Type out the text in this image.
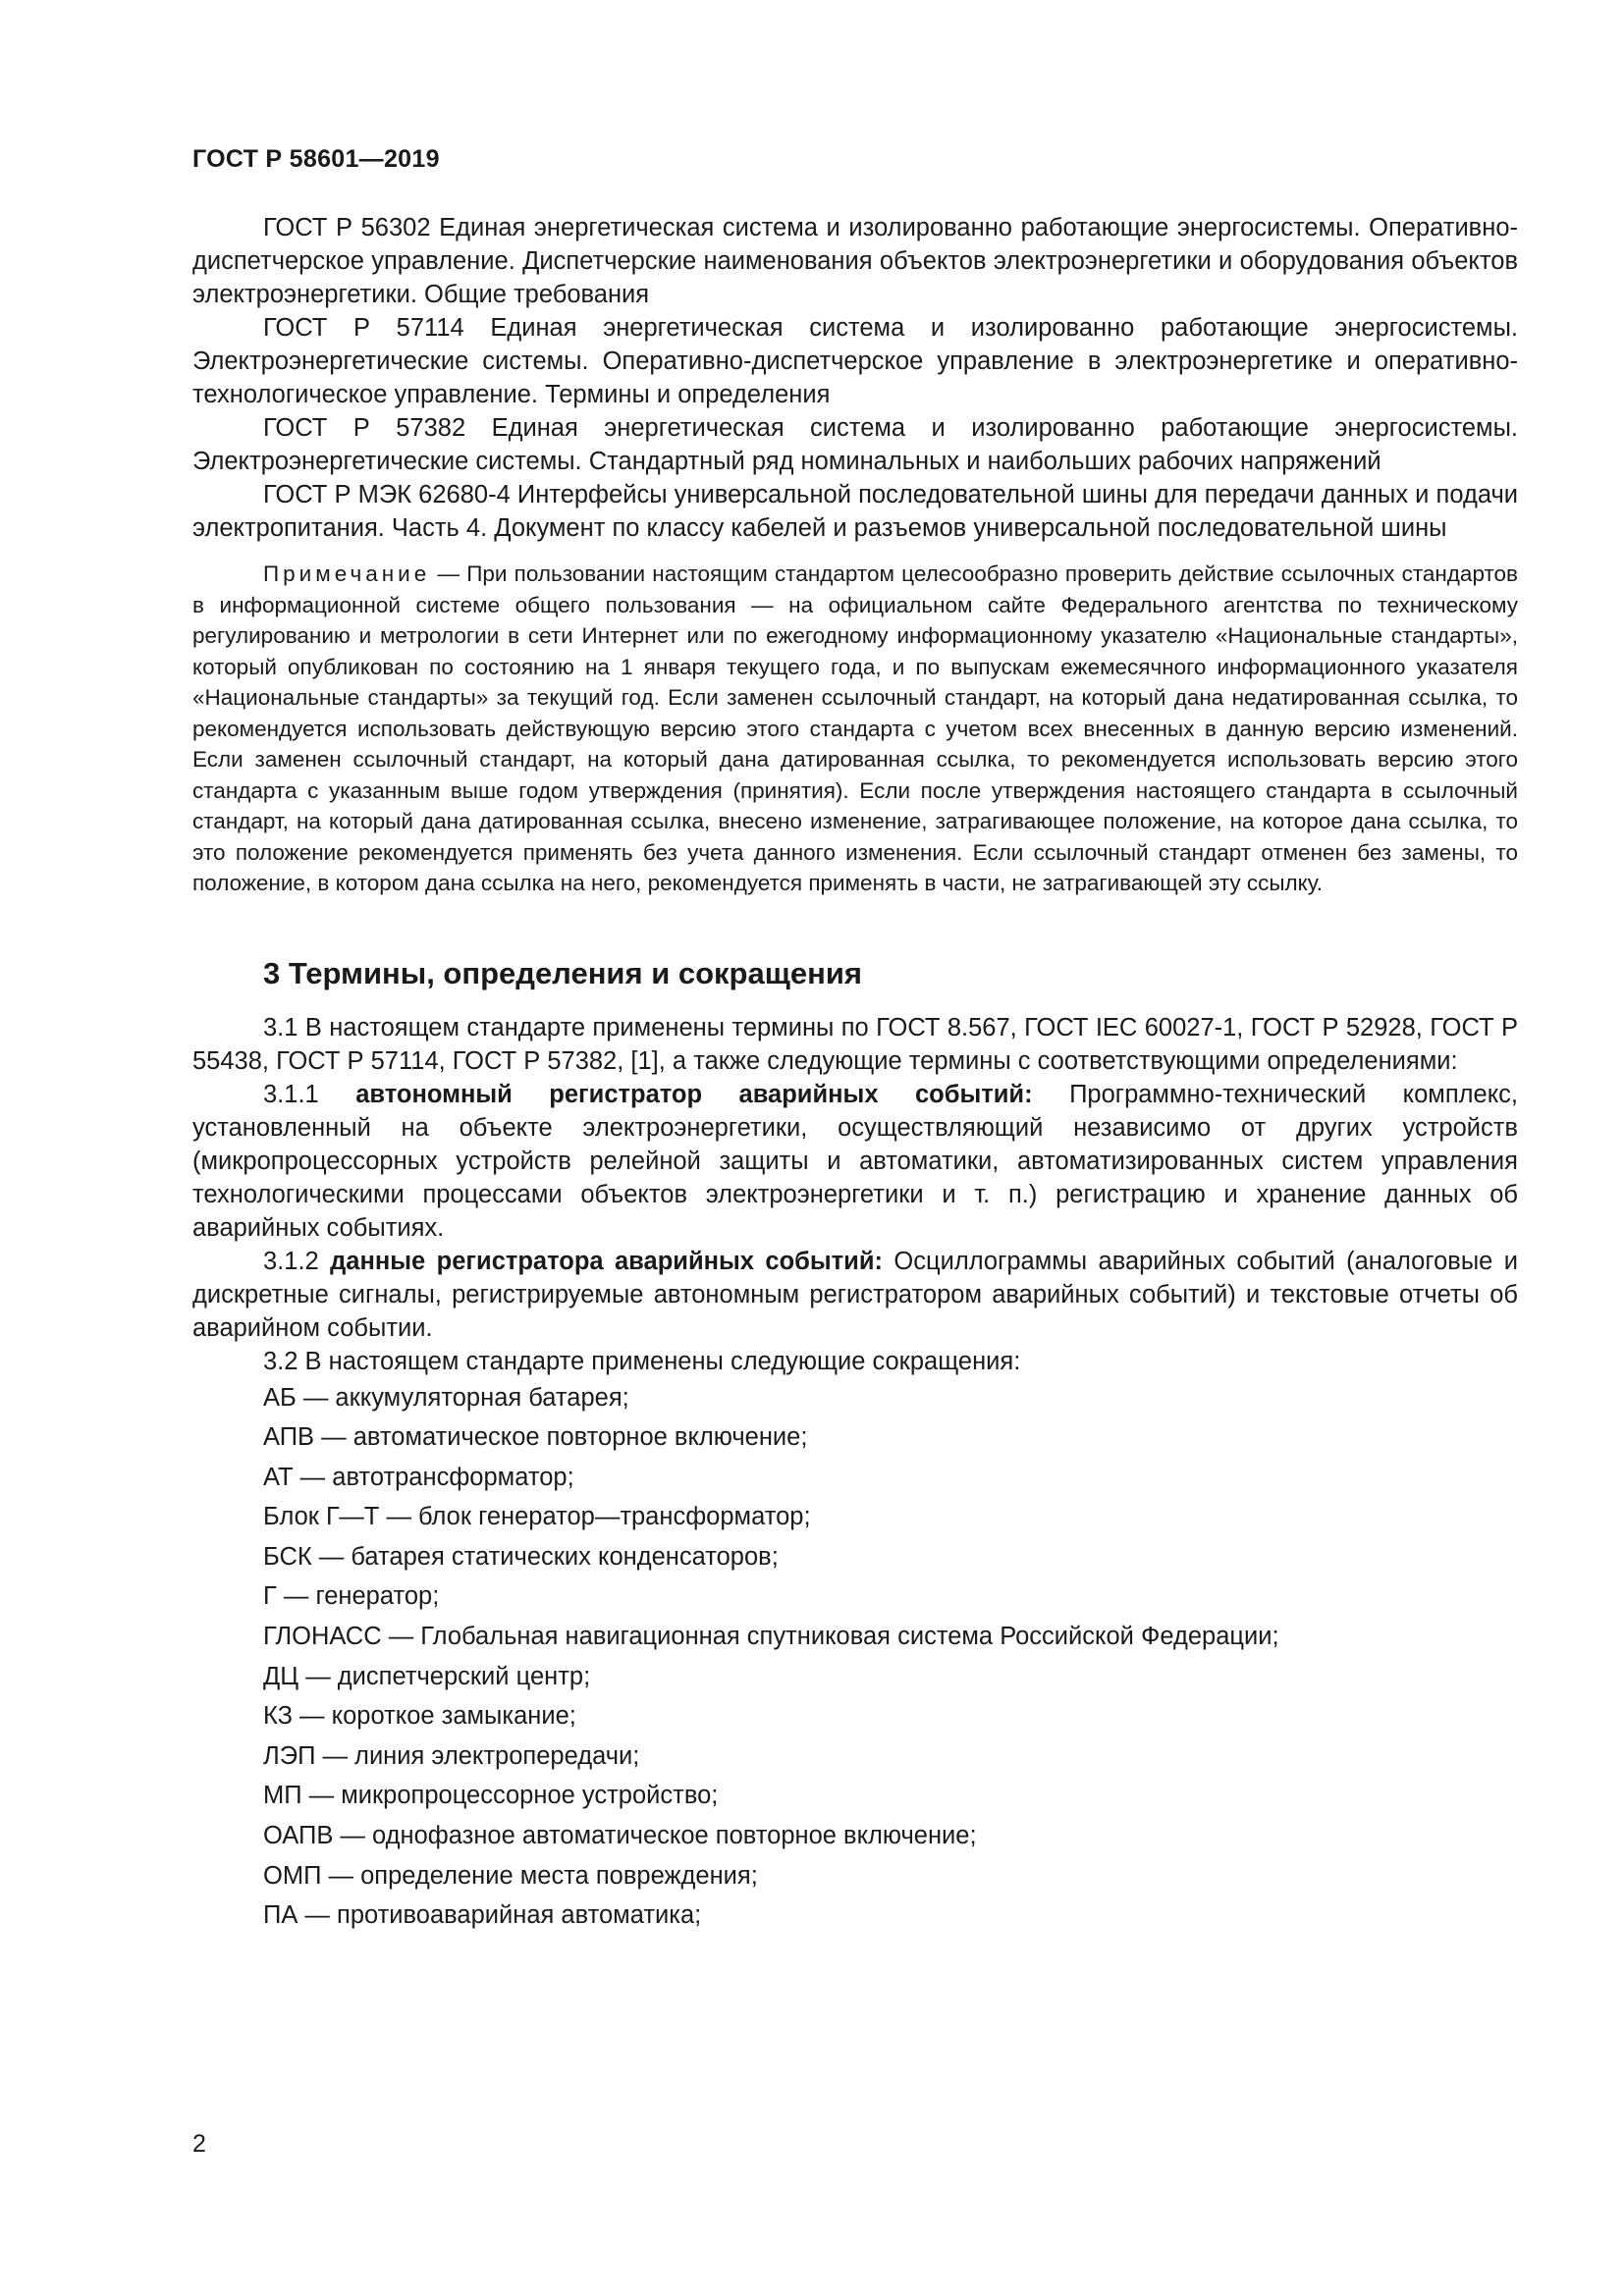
ГОСТ Р 58601—2019

ГОСТ Р 56302 Единая энергетическая система и изолированно работающие энергосистемы. Оперативно-диспетчерское управление. Диспетчерские наименования объектов электроэнергетики и оборудования объектов электроэнергетики. Общие требования

ГОСТ Р 57114 Единая энергетическая система и изолированно работающие энергосистемы. Электроэнергетические системы. Оперативно-диспетчерское управление в электроэнергетике и оперативно-технологическое управление. Термины и определения

ГОСТ Р 57382 Единая энергетическая система и изолированно работающие энергосистемы. Электроэнергетические системы. Стандартный ряд номинальных и наибольших рабочих напряжений

ГОСТ Р МЭК 62680-4 Интерфейсы универсальной последовательной шины для передачи данных и подачи электропитания. Часть 4. Документ по классу кабелей и разъемов универсальной последовательной шины

Примечание — При пользовании настоящим стандартом целесообразно проверить действие ссылочных стандартов в информационной системе общего пользования — на официальном сайте Федерального агентства по техническому регулированию и метрологии в сети Интернет или по ежегодному информационному указателю «Национальные стандарты», который опубликован по состоянию на 1 января текущего года, и по выпускам ежемесячного информационного указателя «Национальные стандарты» за текущий год. Если заменен ссылочный стандарт, на который дана недатированная ссылка, то рекомендуется использовать действующую версию этого стандарта с учетом всех внесенных в данную версию изменений. Если заменен ссылочный стандарт, на который дана датированная ссылка, то рекомендуется использовать версию этого стандарта с указанным выше годом утверждения (принятия). Если после утверждения настоящего стандарта в ссылочный стандарт, на который дана датированная ссылка, внесено изменение, затрагивающее положение, на которое дана ссылка, то это положение рекомендуется применять без учета данного изменения. Если ссылочный стандарт отменен без замены, то положение, в котором дана ссылка на него, рекомендуется применять в части, не затрагивающей эту ссылку.

3 Термины, определения и сокращения

3.1 В настоящем стандарте применены термины по ГОСТ 8.567, ГОСТ IEC 60027-1, ГОСТ Р 52928, ГОСТ Р 55438, ГОСТ Р 57114, ГОСТ Р 57382, [1], а также следующие термины с соответствующими определениями:

3.1.1 автономный регистратор аварийных событий: Программно-технический комплекс, установленный на объекте электроэнергетики, осуществляющий независимо от других устройств (микропроцессорных устройств релейной защиты и автоматики, автоматизированных систем управления технологическими процессами объектов электроэнергетики и т. п.) регистрацию и хранение данных об аварийных событиях.

3.1.2 данные регистратора аварийных событий: Осциллограммы аварийных событий (аналоговые и дискретные сигналы, регистрируемые автономным регистратором аварийных событий) и текстовые отчеты об аварийном событии.

3.2 В настоящем стандарте применены следующие сокращения:

АБ — аккумуляторная батарея;
АПВ — автоматическое повторное включение;
АТ — автотрансформатор;
Блок Г—Т — блок генератор—трансформатор;
БСК — батарея статических конденсаторов;
Г — генератор;
ГЛОНАСС — Глобальная навигационная спутниковая система Российской Федерации;
ДЦ — диспетчерский центр;
КЗ — короткое замыкание;
ЛЭП — линия электропередачи;
МП — микропроцессорное устройство;
ОАПВ — однофазное автоматическое повторное включение;
ОМП — определение места повреждения;
ПА — противоаварийная автоматика;
2
